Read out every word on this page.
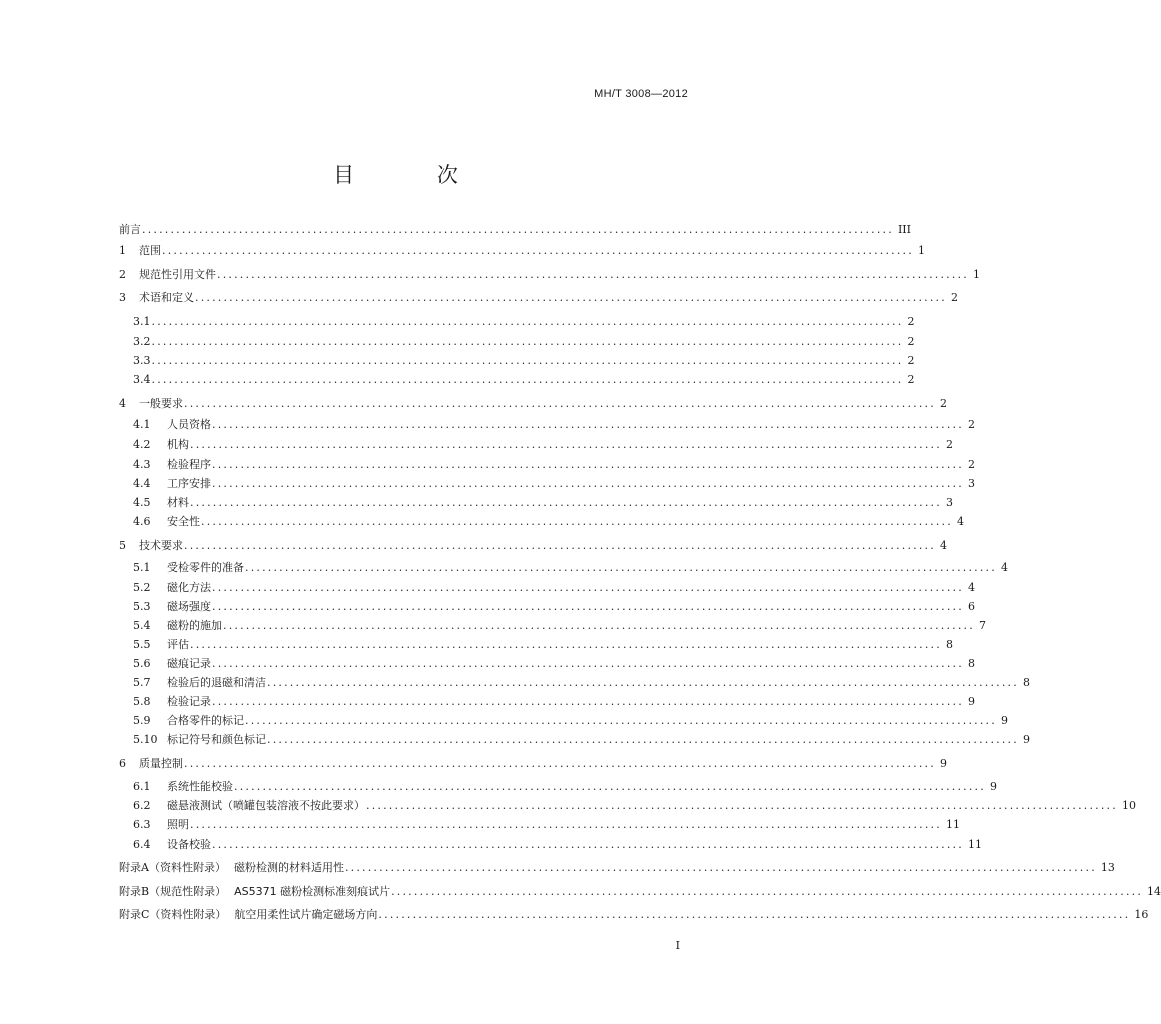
MH/T 3008—2012
目 次
前言 .................................................................................................................................... III
1	范围 .................................................................................................................................... 1
2	规范性引用文件 .................................................................................................................................... 1
3	术语和定义 .................................................................................................................................... 2
3.1 .................................................................................................................................... 2
3.2 .................................................................................................................................... 2
3.3 .................................................................................................................................... 2
3.4 .................................................................................................................................... 2
4	一般要求 .................................................................................................................................... 2
4.1	人员资格 .................................................................................................................................... 2
4.2	机构 .................................................................................................................................... 2
4.3	检验程序 .................................................................................................................................... 2
4.4	工序安排 .................................................................................................................................... 3
4.5	材料 .................................................................................................................................... 3
4.6	安全性 .................................................................................................................................... 4
5	技术要求 .................................................................................................................................... 4
5.1	受检零件的准备 .................................................................................................................................... 4
5.2	磁化方法 .................................................................................................................................... 4
5.3	磁场强度 .................................................................................................................................... 6
5.4	磁粉的施加 .................................................................................................................................... 7
5.5	评估 .................................................................................................................................... 8
5.6	磁痕记录 .................................................................................................................................... 8
5.7	检验后的退磁和清洁 .................................................................................................................................... 8
5.8	检验记录 .................................................................................................................................... 9
5.9	合格零件的标记 .................................................................................................................................... 9
5.10 标记符号和颜色标记 .................................................................................................................................... 9
6	质量控制 .................................................................................................................................... 9
6.1	系统性能校验 .................................................................................................................................... 9
6.2	磁悬液测试（喷罐包装溶液不按此要求） .................................................................................................................................... 10
6.3	照明 .................................................................................................................................... 11
6.4	设备校验 .................................................................................................................................... 11
附录A（资料性附录） 磁粉检测的材料适用性 .................................................................................................................................... 13
附录B（规范性附录） AS5371 磁粉检测标准刻痕试片 .................................................................................................................................... 14
附录C（资料性附录） 航空用柔性试片确定磁场方向 .................................................................................................................................... 16
I
